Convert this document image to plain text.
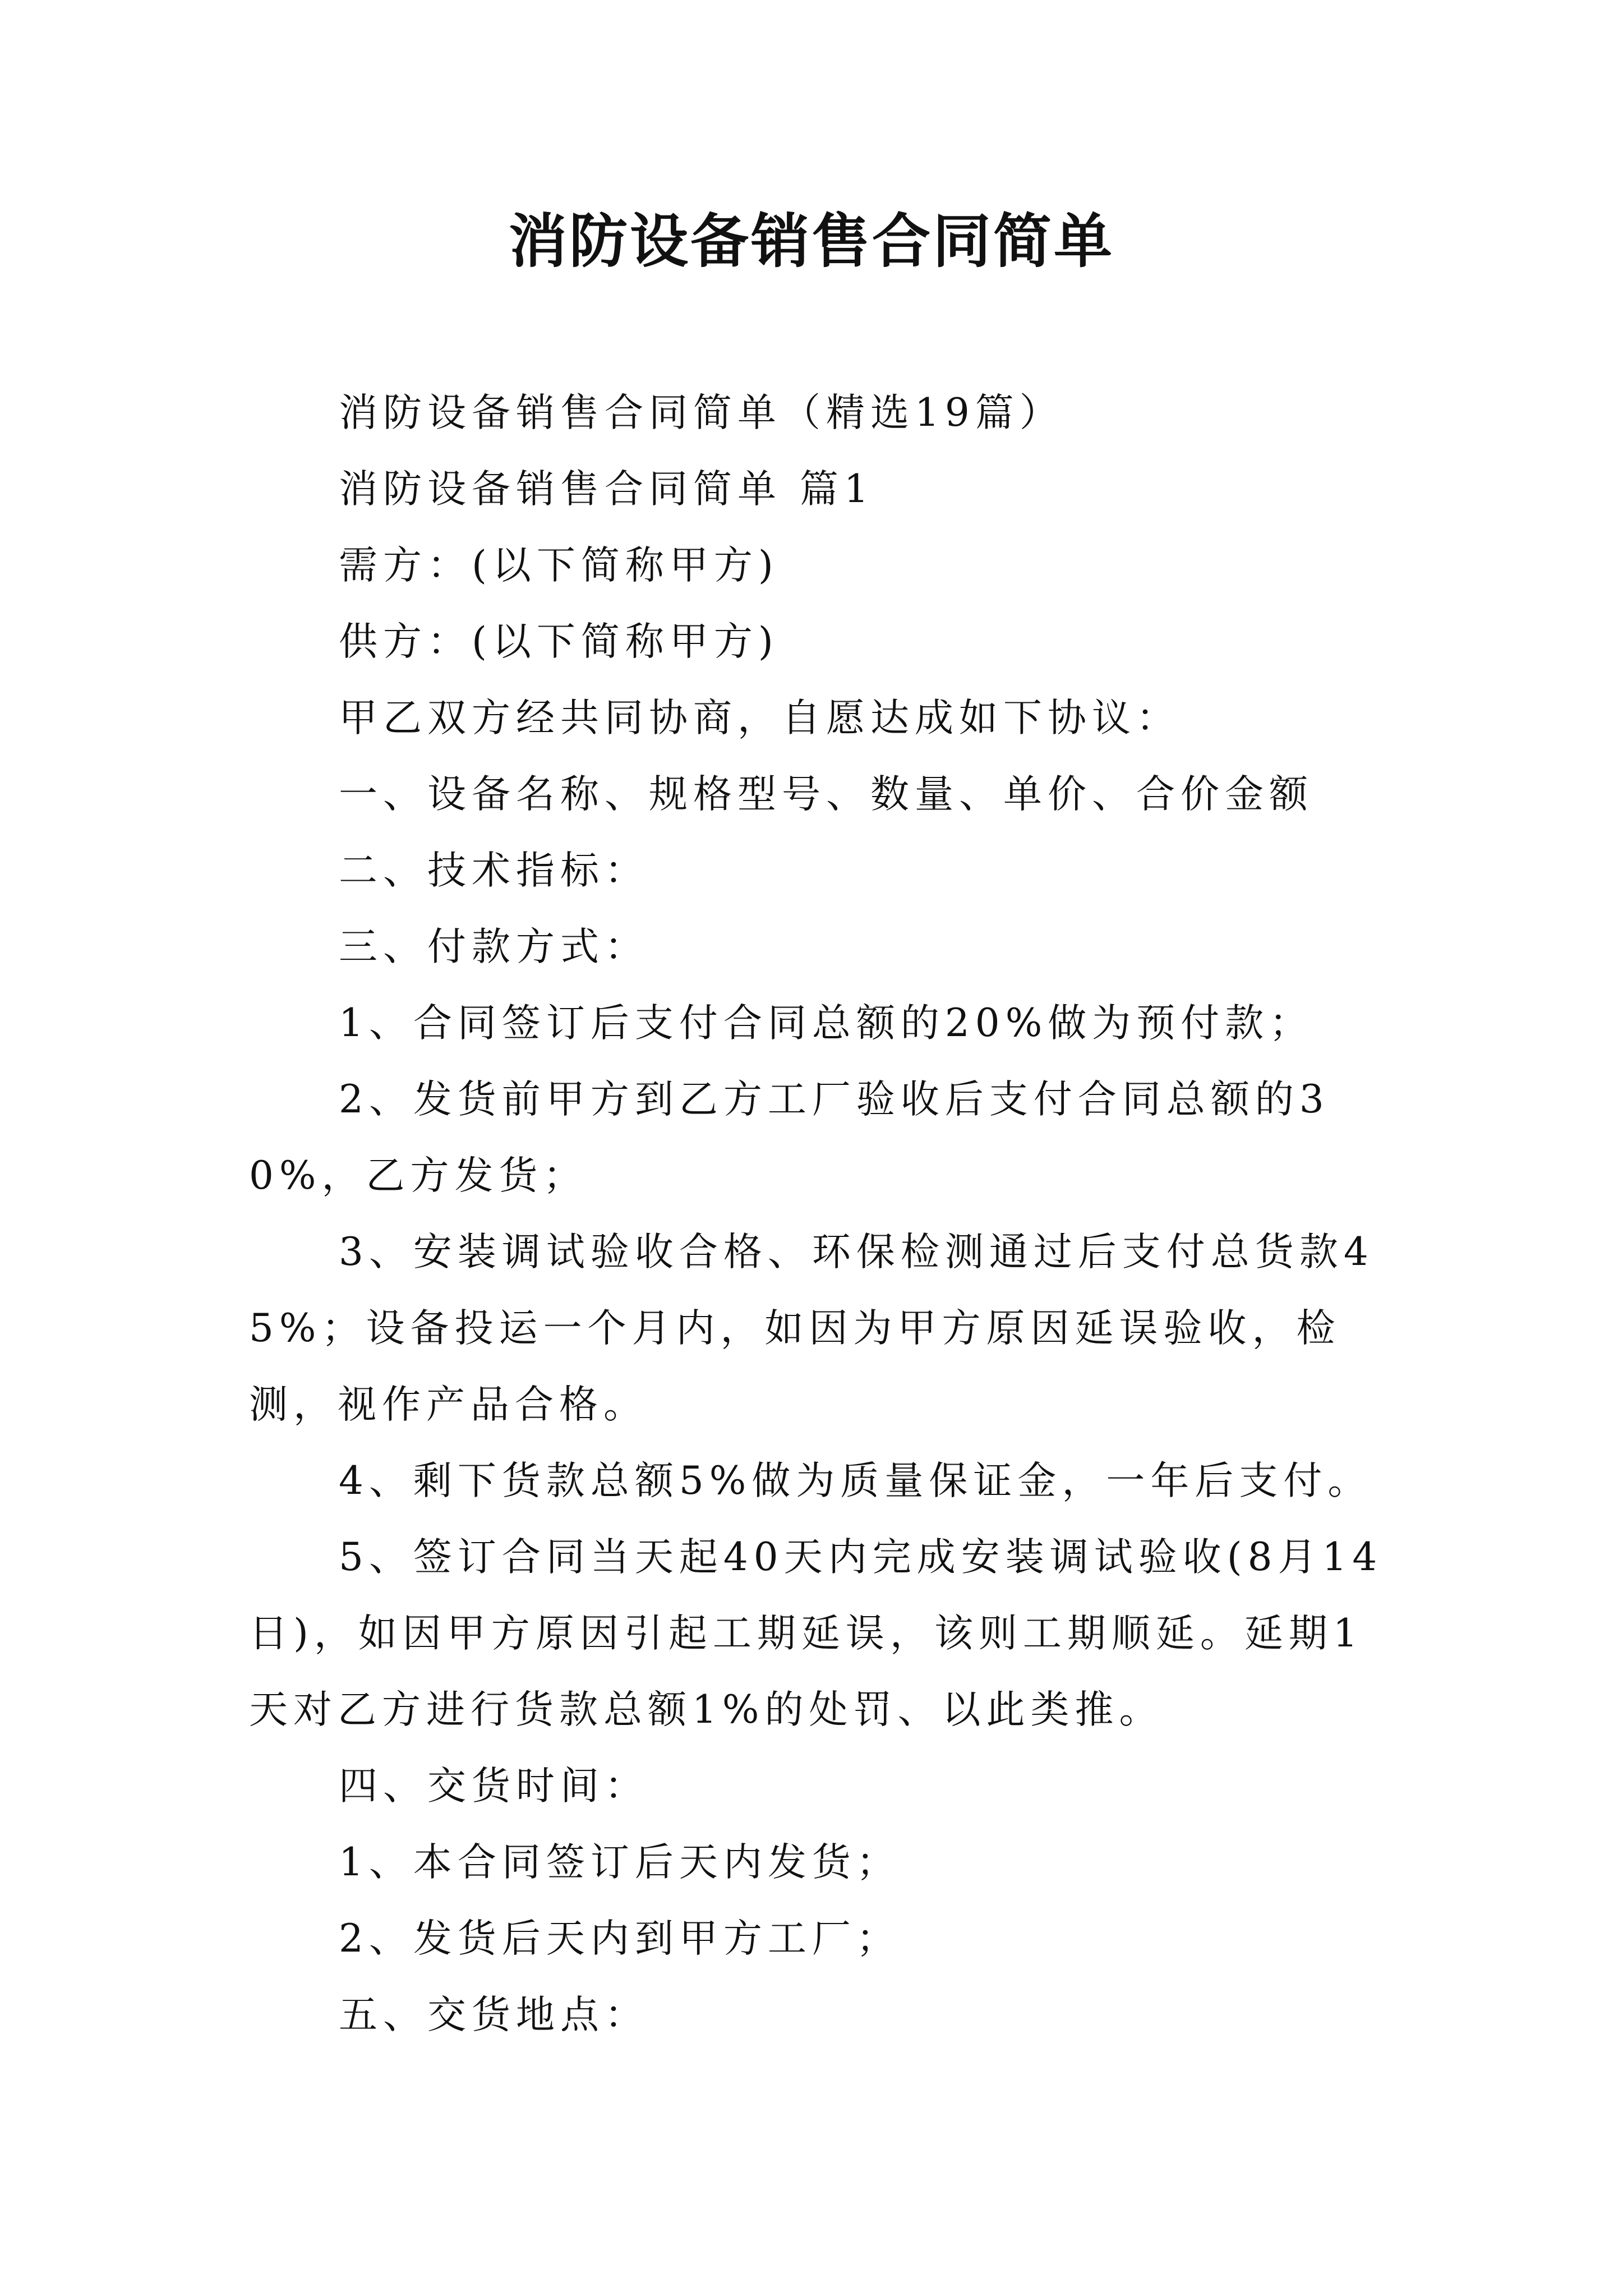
消防设备销售合同简单

消防设备销售合同简单（精选19篇）

消防设备销售合同简单 篇1

需方：(以下简称甲方)

供方：(以下简称甲方)

甲乙双方经共同协商，自愿达成如下协议：

一、设备名称、规格型号、数量、单价、合价金额

二、技术指标：

三、付款方式：

1、合同签订后支付合同总额的20%做为预付款；

2、发货前甲方到乙方工厂验收后支付合同总额的30%，乙方发货；

3、安装调试验收合格、环保检测通过后支付总货款45%；设备投运一个月内，如因为甲方原因延误验收，检测，视作产品合格。

4、剩下货款总额5%做为质量保证金，一年后支付。

5、签订合同当天起40天内完成安装调试验收(8月14日)，如因甲方原因引起工期延误，该则工期顺延。延期1天对乙方进行货款总额1%的处罚、以此类推。

四、交货时间：

1、本合同签订后天内发货；

2、发货后天内到甲方工厂；

五、交货地点：
